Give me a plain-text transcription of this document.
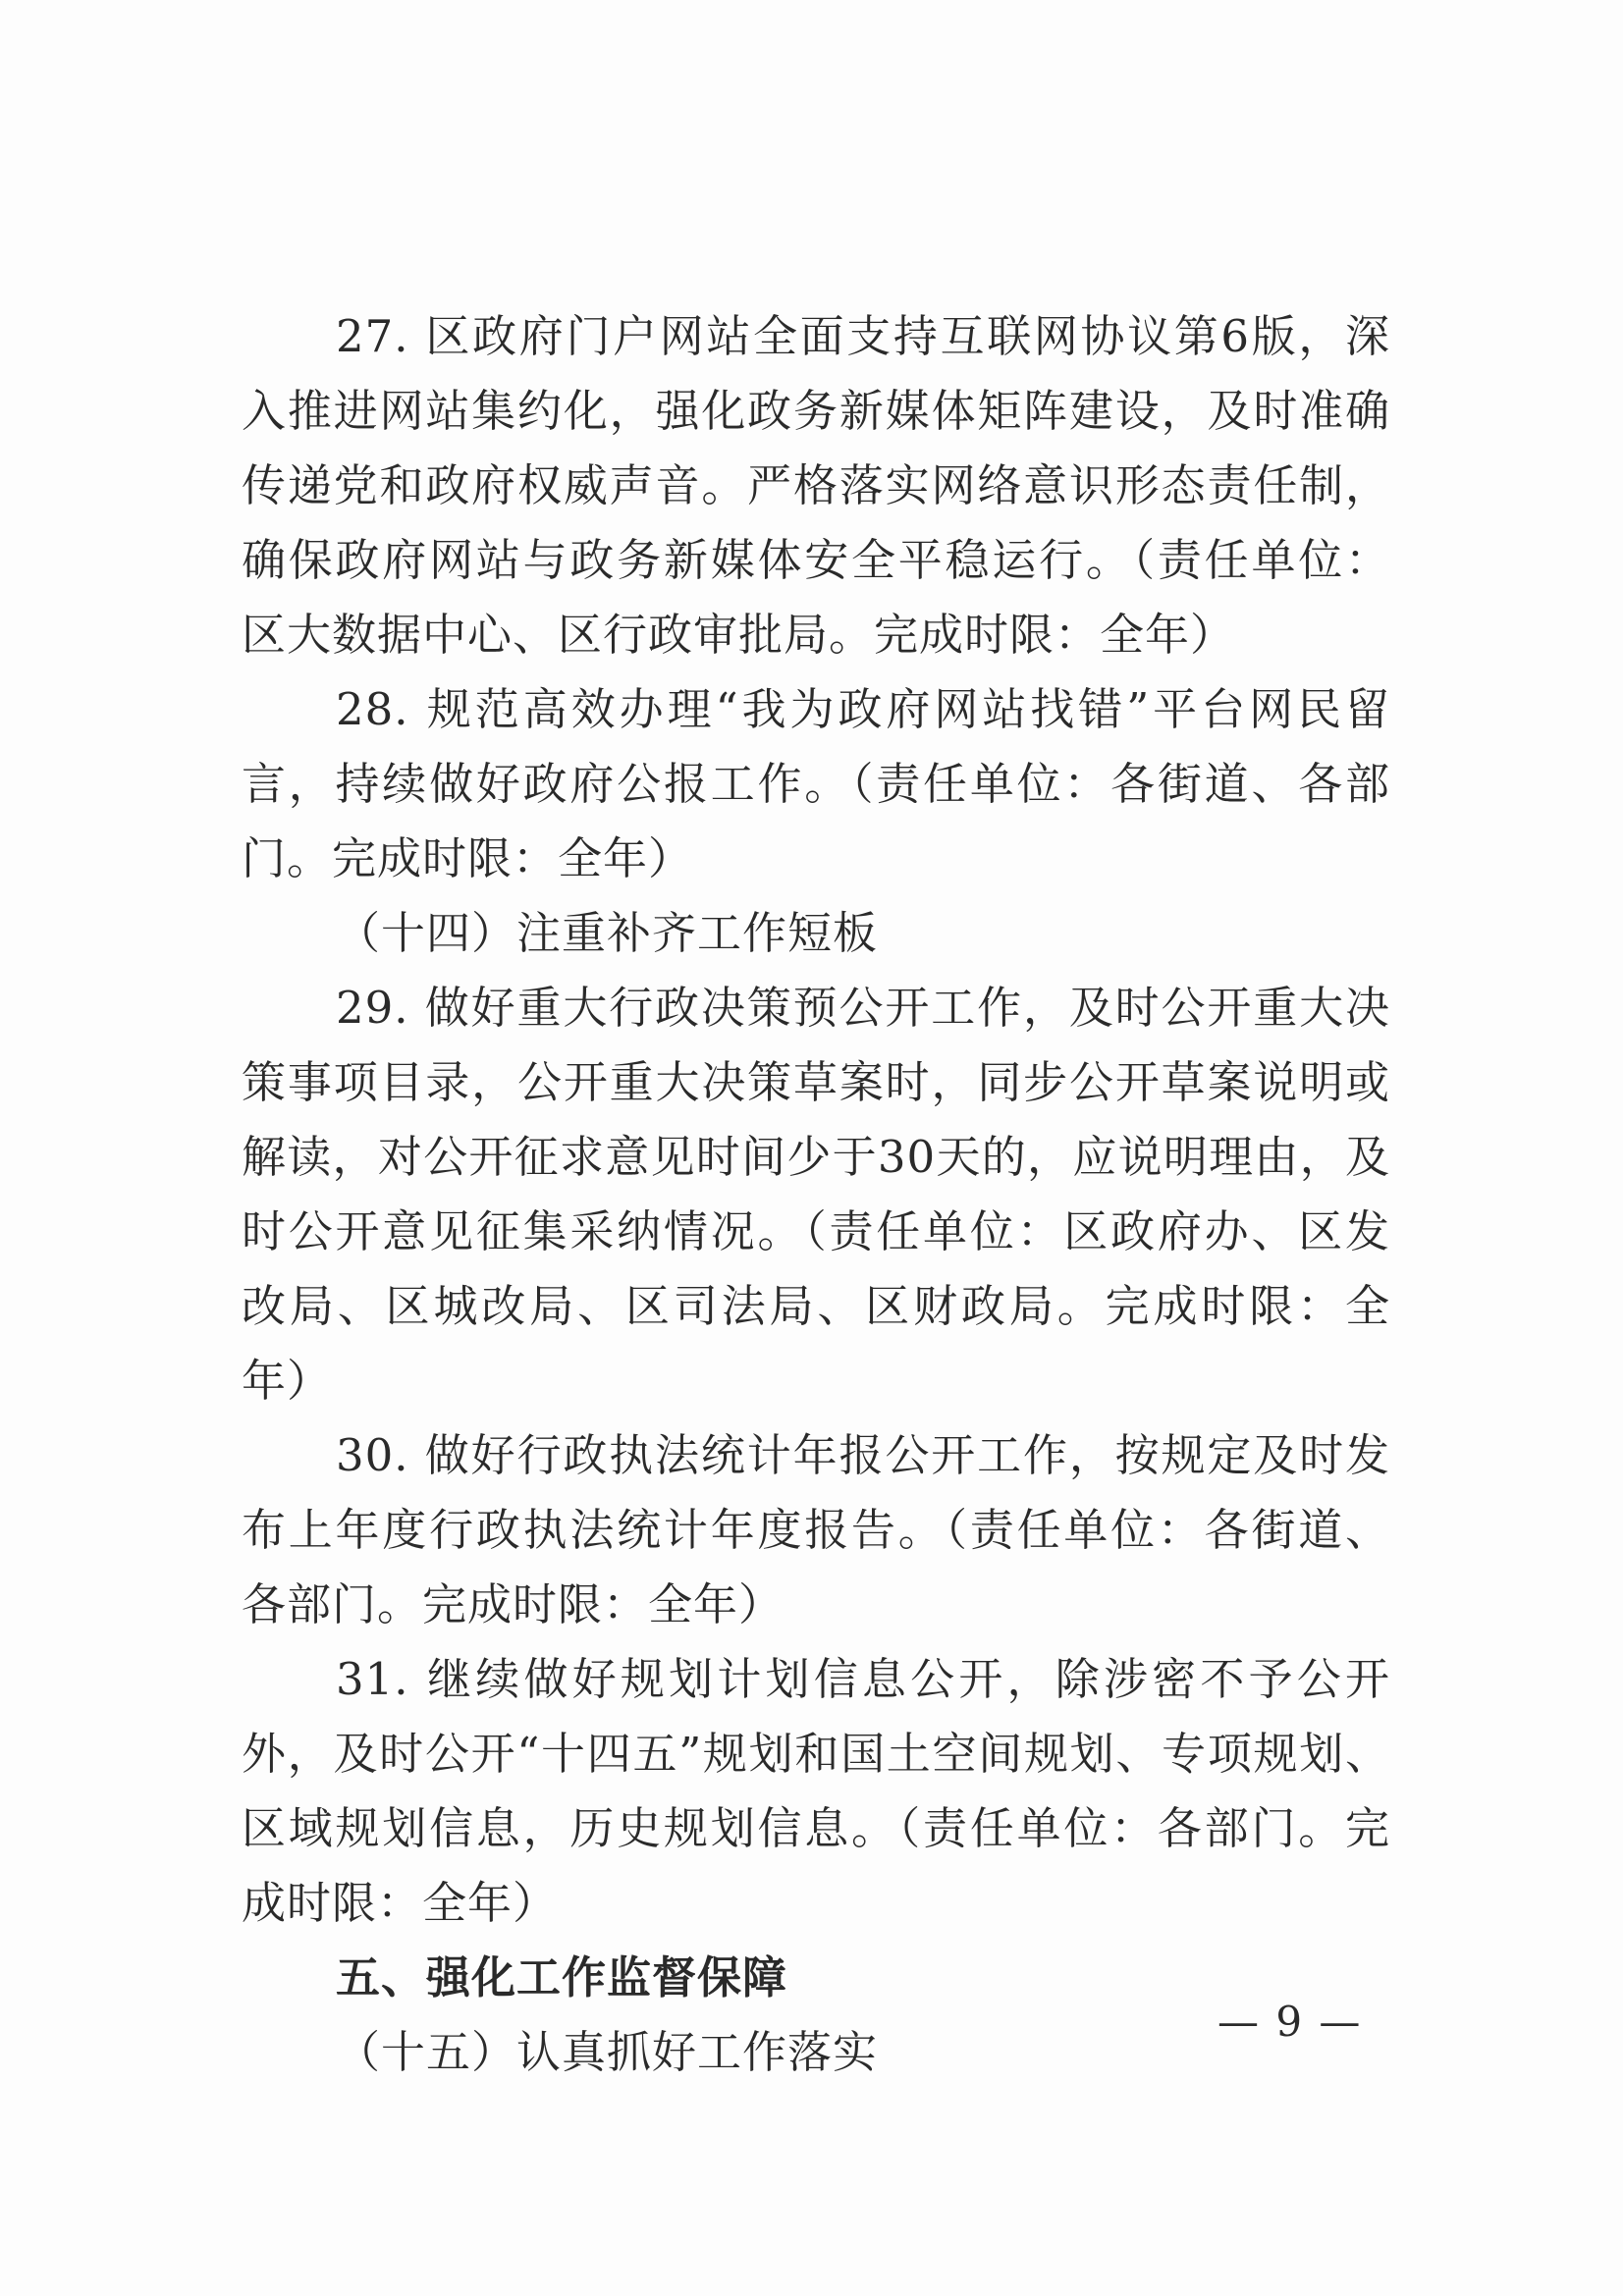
27. 区政府门户网站全面支持互联网协议第6版，深入推进网站集约化，强化政务新媒体矩阵建设，及时准确传递党和政府权威声音。严格落实网络意识形态责任制，确保政府网站与政务新媒体安全平稳运行。（责任单位：区大数据中心、区行政审批局。完成时限：全年）

28. 规范高效办理“我为政府网站找错”平台网民留言，持续做好政府公报工作。（责任单位：各街道、各部门。完成时限：全年）

（十四）注重补齐工作短板

29. 做好重大行政决策预公开工作，及时公开重大决策事项目录，公开重大决策草案时，同步公开草案说明或解读，对公开征求意见时间少于30天的，应说明理由，及时公开意见征集采纳情况。（责任单位：区政府办、区发改局、区城改局、区司法局、区财政局。完成时限：全年）

30. 做好行政执法统计年报公开工作，按规定及时发布上年度行政执法统计年度报告。（责任单位：各街道、各部门。完成时限：全年）

31. 继续做好规划计划信息公开，除涉密不予公开外，及时公开“十四五”规划和国土空间规划、专项规划、区域规划信息，历史规划信息。（责任单位：各部门。完成时限：全年）

五、强化工作监督保障

（十五）认真抓好工作落实

— 9 —
